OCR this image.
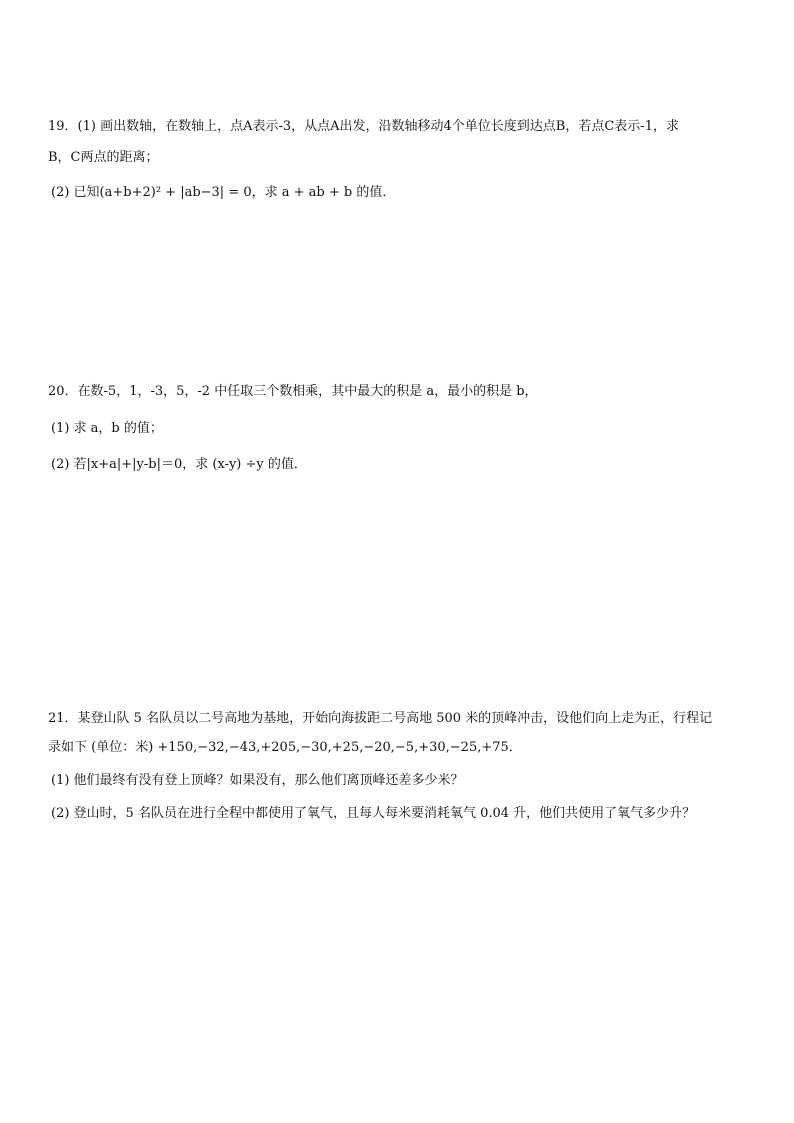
19．(1) 画出数轴，在数轴上，点A表示-3，从点A出发，沿数轴移动4个单位长度到达点B，若点C表示-1，求
B，C两点的距离；
(2) 已知(a+b+2)² + |ab−3| = 0，求 a + ab + b 的值．
20．在数-5，1，-3，5，-2 中任取三个数相乘，其中最大的积是 a，最小的积是 b，
(1) 求 a，b 的值；
(2) 若|x+a|+|y-b|＝0，求 (x-y) ÷y 的值．
21．某登山队 5 名队员以二号高地为基地，开始向海拔距二号高地 500 米的顶峰冲击，设他们向上走为正，行程记
录如下 (单位：米) +150,−32,−43,+205,−30,+25,−20,−5,+30,−25,+75．
(1) 他们最终有没有登上顶峰？如果没有，那么他们离顶峰还差多少米？
(2) 登山时，5 名队员在进行全程中都使用了氧气，且每人每米要消耗氧气 0.04 升，他们共使用了氧气多少升？
